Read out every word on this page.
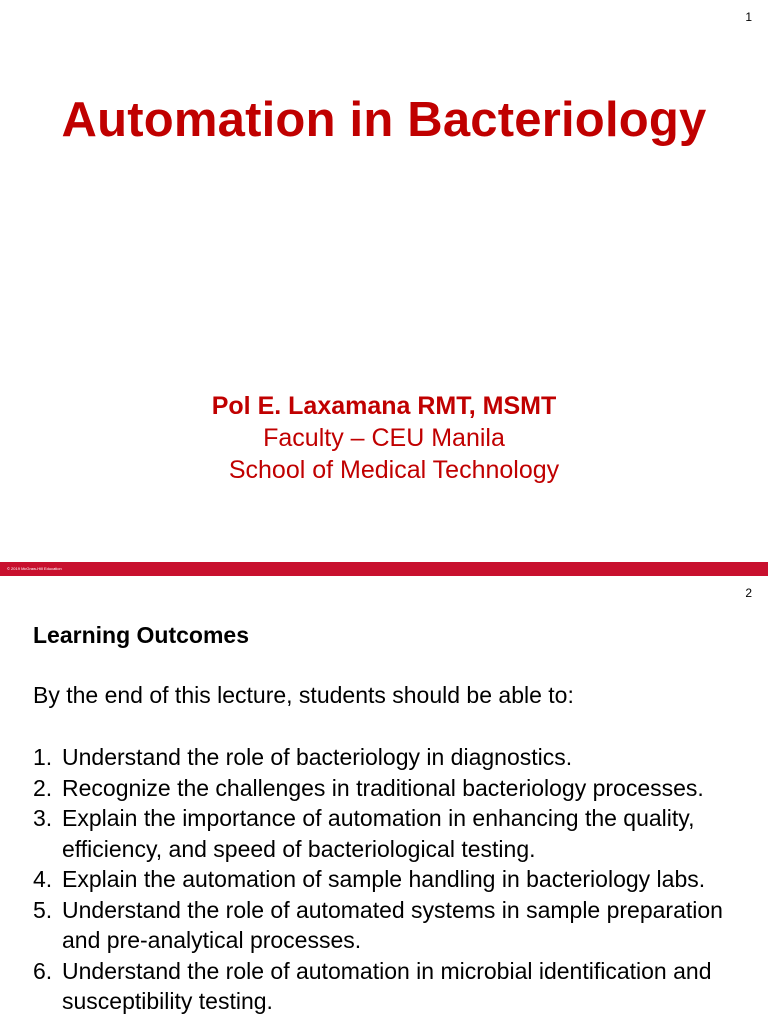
1
Automation in Bacteriology
Pol E. Laxamana RMT, MSMT
Faculty – CEU Manila
School of Medical Technology
© 2019 McGraw-Hill Education
2
Learning Outcomes
By the end of this lecture, students should be able to:
1. Understand the role of bacteriology in diagnostics.
2. Recognize the challenges in traditional bacteriology processes.
3. Explain the importance of automation in enhancing the quality, efficiency, and speed of bacteriological testing.
4. Explain the automation of sample handling in bacteriology labs.
5. Understand the role of automated systems in sample preparation and pre-analytical processes.
6. Understand the role of automation in microbial identification and susceptibility testing.
